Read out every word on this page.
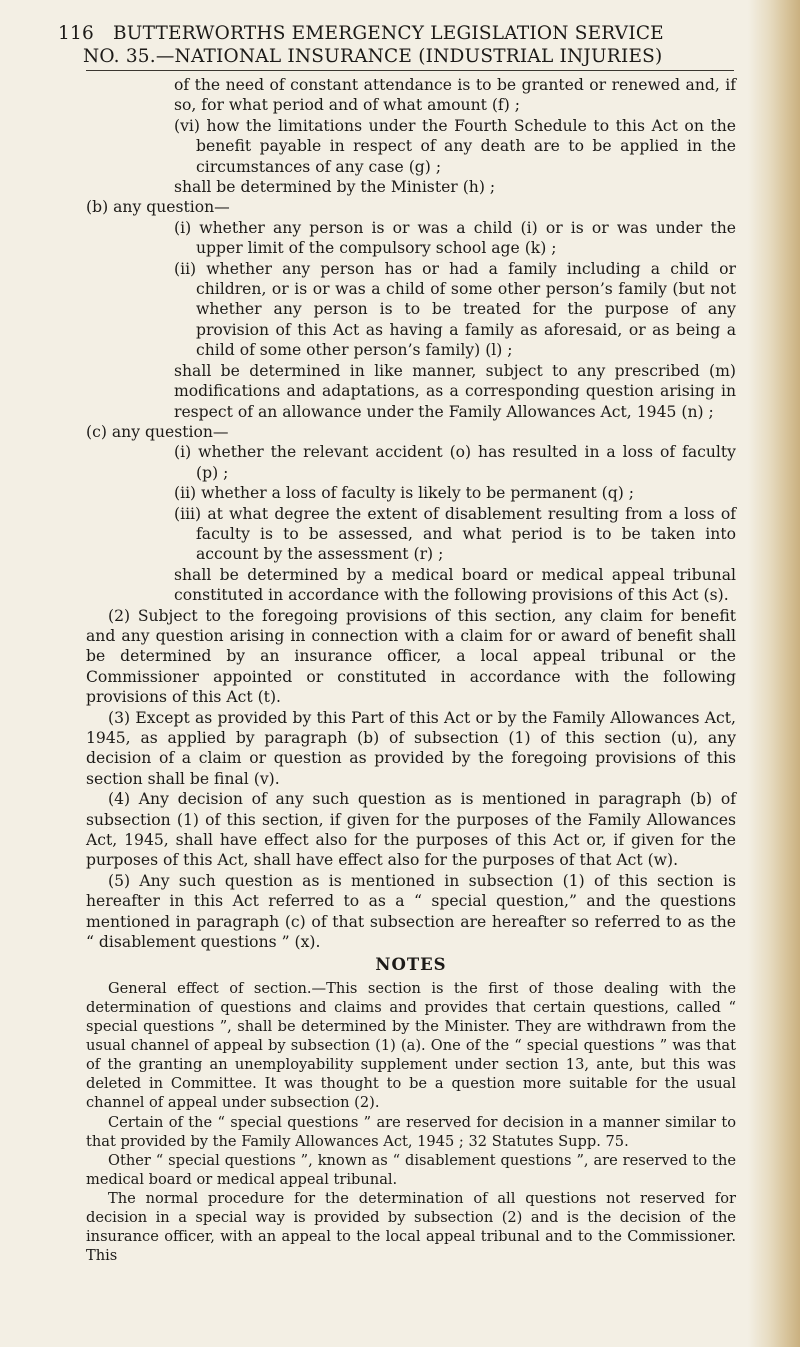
116	BUTTERWORTHS EMERGENCY LEGISLATION SERVICE
NO. 35.—NATIONAL INSURANCE (INDUSTRIAL INJURIES)

of the need of constant attendance is to be granted or renewed and, if so, for what period and of what amount (f) ;

(vi) how the limitations under the Fourth Schedule to this Act on the benefit payable in respect of any death are to be applied in the circumstances of any case (g) ;

shall be determined by the Minister (h) ;

(b) any question—

(i) whether any person is or was a child (i) or is or was under the upper limit of the compulsory school age (k) ;

(ii) whether any person has or had a family including a child or children, or is or was a child of some other person’s family (but not whether any person is to be treated for the purpose of any provision of this Act as having a family as aforesaid, or as being a child of some other person’s family) (l) ;

shall be determined in like manner, subject to any prescribed (m) modifications and adaptations, as a corresponding question arising in respect of an allowance under the Family Allowances Act, 1945 (n) ;

(c) any question—

(i) whether the relevant accident (o) has resulted in a loss of faculty (p) ;

(ii) whether a loss of faculty is likely to be permanent (q) ;

(iii) at what degree the extent of disablement resulting from a loss of faculty is to be assessed, and what period is to be taken into account by the assessment (r) ;

shall be determined by a medical board or medical appeal tribunal constituted in accordance with the following provisions of this Act (s).

(2) Subject to the foregoing provisions of this section, any claim for benefit and any question arising in connection with a claim for or award of benefit shall be determined by an insurance officer, a local appeal tribunal or the Commissioner appointed or constituted in accordance with the following provisions of this Act (t).

(3) Except as provided by this Part of this Act or by the Family Allowances Act, 1945, as applied by paragraph (b) of subsection (1) of this section (u), any decision of a claim or question as provided by the foregoing provisions of this section shall be final (v).

(4) Any decision of any such question as is mentioned in paragraph (b) of subsection (1) of this section, if given for the purposes of the Family Allowances Act, 1945, shall have effect also for the purposes of this Act or, if given for the purposes of this Act, shall have effect also for the purposes of that Act (w).

(5) Any such question as is mentioned in subsection (1) of this section is hereafter in this Act referred to as a “ special question,” and the questions mentioned in paragraph (c) of that subsection are hereafter so referred to as the “ disablement questions ” (x).

NOTES

General effect of section.—This section is the first of those dealing with the determination of questions and claims and provides that certain questions, called “ special questions ”, shall be determined by the Minister. They are withdrawn from the usual channel of appeal by subsection (1) (a). One of the “ special questions ” was that of the granting an unemployability supplement under section 13, ante, but this was deleted in Committee. It was thought to be a question more suitable for the usual channel of appeal under subsection (2).

Certain of the “ special questions ” are reserved for decision in a manner similar to that provided by the Family Allowances Act, 1945 ; 32 Statutes Supp. 75.

Other “ special questions ”, known as “ disablement questions ”, are reserved to the medical board or medical appeal tribunal.

The normal procedure for the determination of all questions not reserved for decision in a special way is provided by subsection (2) and is the decision of the insurance officer, with an appeal to the local appeal tribunal and to the Commissioner. This
